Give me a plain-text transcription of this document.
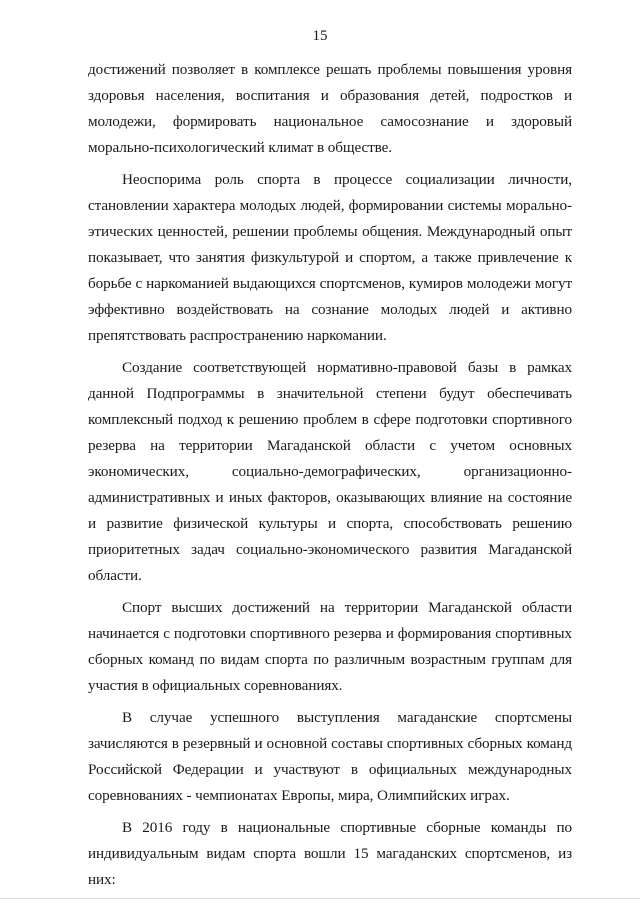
15

достижений позволяет в комплексе решать проблемы повышения уровня здоровья населения, воспитания и образования детей, подростков и молодежи, формировать национальное самосознание и здоровый морально-психологический климат в обществе.

Неоспорима роль спорта в процессе социализации личности, становлении характера молодых людей, формировании системы морально-этических ценностей, решении проблемы общения. Международный опыт показывает, что занятия физкультурой и спортом, а также привлечение к борьбе с наркоманией выдающихся спортсменов, кумиров молодежи могут эффективно воздействовать на сознание молодых людей и активно препятствовать распространению наркомании.

Создание соответствующей нормативно-правовой базы в рамках данной Подпрограммы в значительной степени будут обеспечивать комплексный подход к решению проблем в сфере подготовки спортивного резерва на территории Магаданской области с учетом основных экономических, социально-демографических, организационно-административных и иных факторов, оказывающих влияние на состояние и развитие физической культуры и спорта, способствовать решению приоритетных задач социально-экономического развития Магаданской области.

Спорт высших достижений на территории Магаданской области начинается с подготовки спортивного резерва и формирования спортивных сборных команд по видам спорта по различным возрастным группам для участия в официальных соревнованиях.

В случае успешного выступления магаданские спортсмены зачисляются в резервный и основной составы спортивных сборных команд Российской Федерации и участвуют в официальных международных соревнованиях - чемпионатах Европы, мира, Олимпийских играх.

В 2016 году в национальные спортивные сборные команды по индивидуальным видам спорта вошли 15 магаданских спортсменов, из них:
